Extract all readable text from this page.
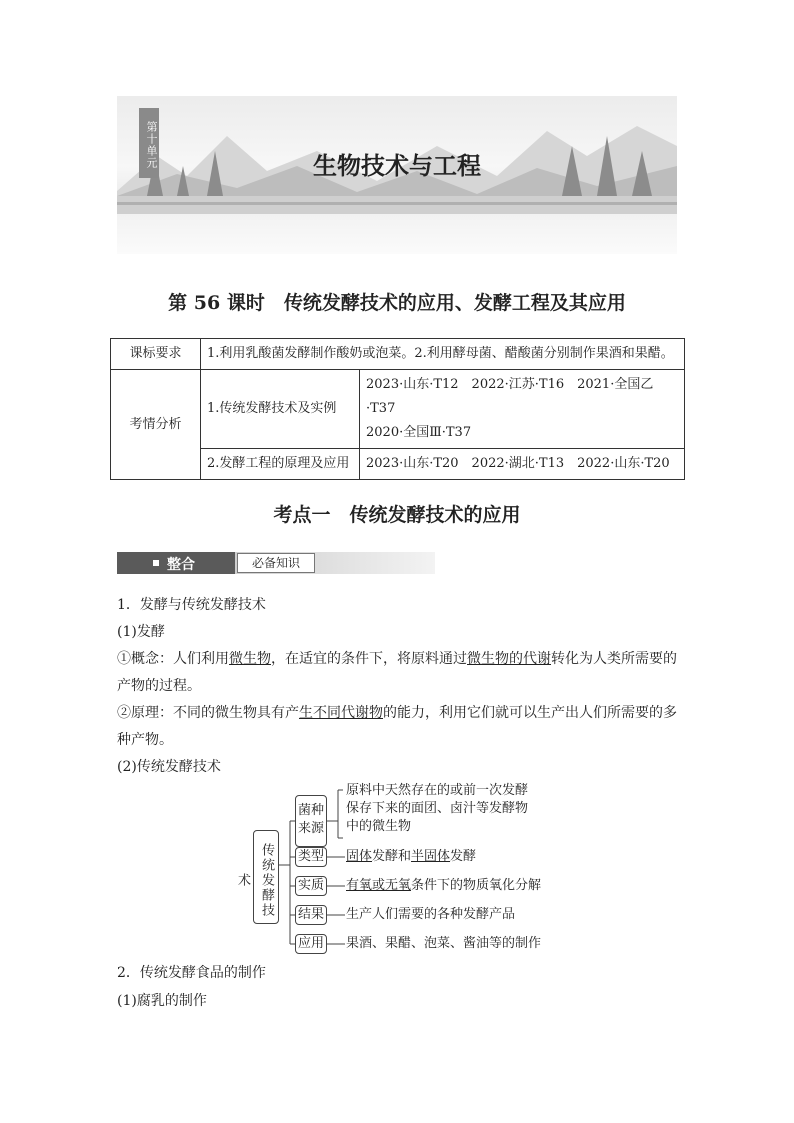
第十单元	生物技术与工程
第 56 课时　传统发酵技术的应用、发酵工程及其应用
课标要求	1.利用乳酸菌发酵制作酸奶或泡菜。2.利用酵母菌、醋酸菌分别制作果酒和果醋。	
考情分析	1.传统发酵技术及实例	2023·山东·T12　2022·江苏·T16　2021·全国乙·T37
2020·全国Ⅲ·T37

	2.发酵工程的原理及应用	2023·山东·T20　2022·湖北·T13　2022·山东·T20
考点一　传统发酵技术的应用
整合	必备知识
1．发酵与传统发酵技术
(1)发酵
①概念：人们利用微生物，在适宜的条件下，将原料通过微生物的代谢转化为人类所需要的
产物的过程。
②原理：不同的微生物具有产生不同代谢物的能力，利用它们就可以生产出人们所需要的多
种产物。
(2)传统发酵技术
传统发酵技术
菌种来源
原料中天然存在的或前一次发酵
保存下来的面团、卤汁等发酵物
中的微生物
类型 固体发酵和半固体发酵
实质 有氧或无氧条件下的物质氧化分解
结果 生产人们需要的各种发酵产品
应用 果酒、果醋、泡菜、酱油等的制作
2．传统发酵食品的制作
(1)腐乳的制作
